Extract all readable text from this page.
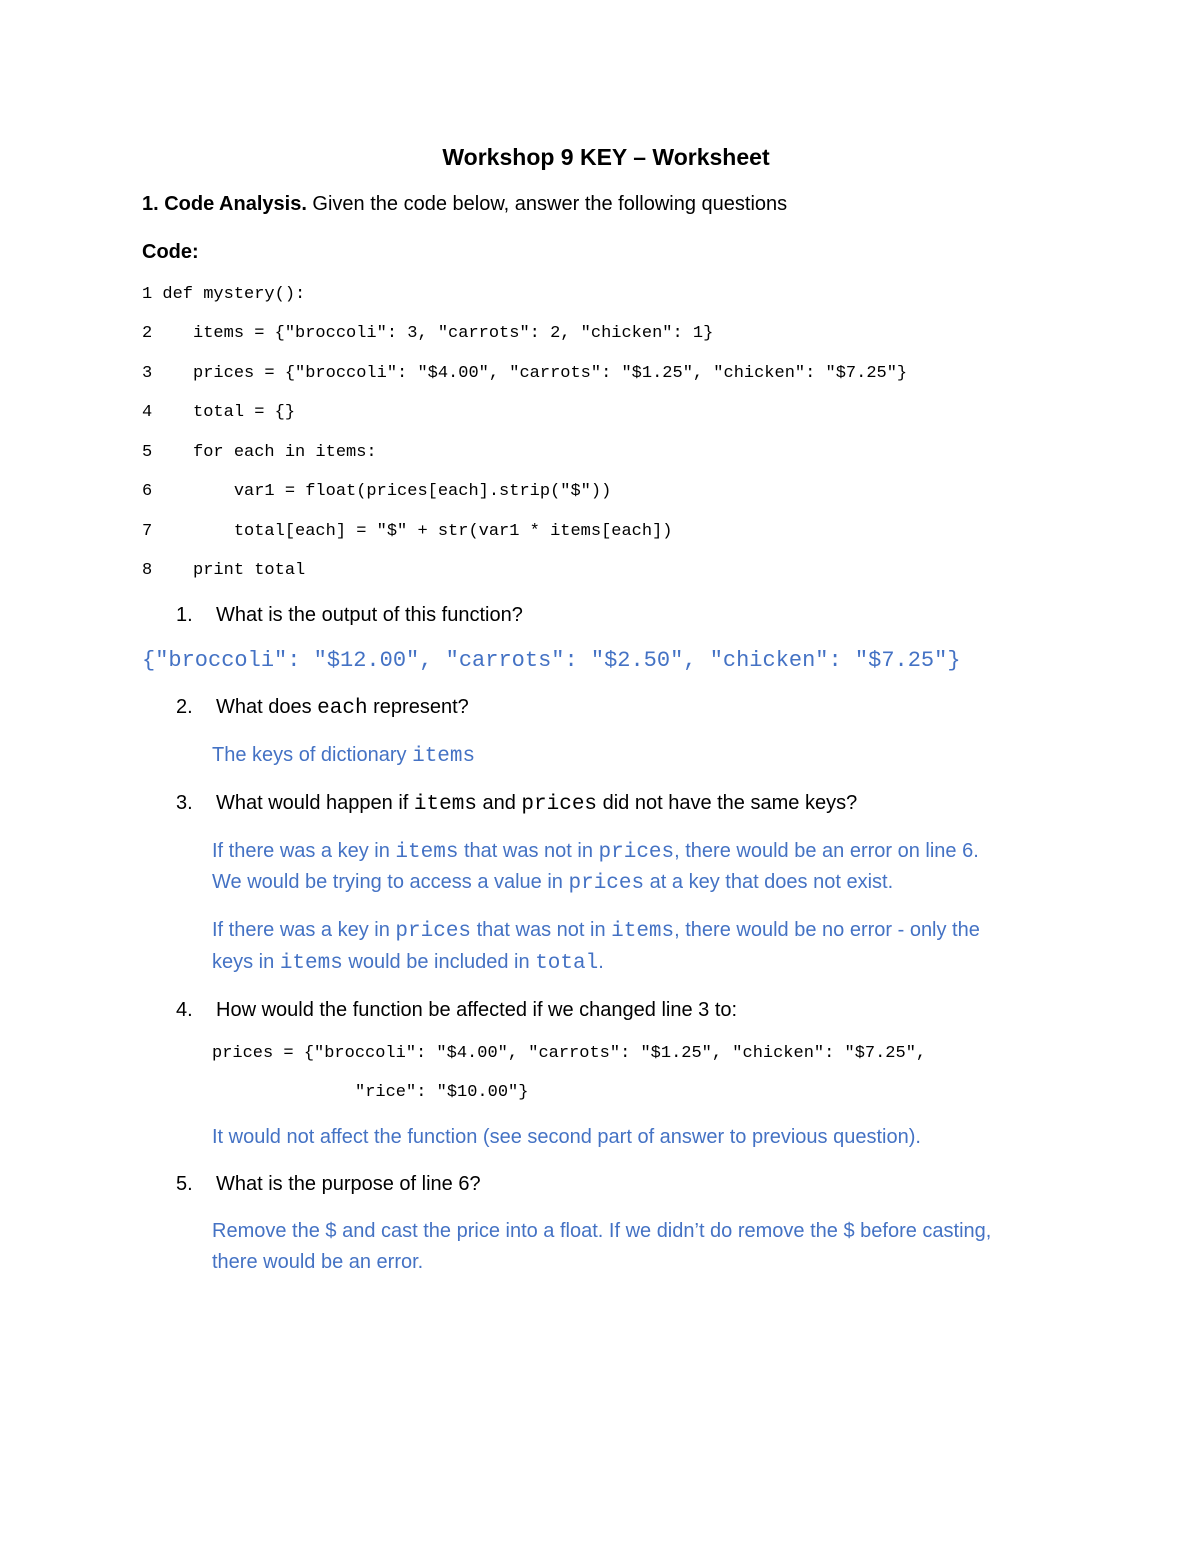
Workshop 9 KEY – Worksheet
1. Code Analysis. Given the code below, answer the following questions
Code:
1 def mystery():
2    items = {"broccoli": 3, "carrots": 2, "chicken": 1}
3    prices = {"broccoli": "$4.00", "carrots": "$1.25", "chicken": "$7.25"}
4    total = {}
5    for each in items:
6        var1 = float(prices[each].strip("$"))
7        total[each] = "$" + str(var1 * items[each])
8    print total
1. What is the output of this function?
{"broccoli": "$12.00", "carrots": "$2.50", "chicken": "$7.25"}
2. What does each represent?
The keys of dictionary items
3. What would happen if items and prices did not have the same keys?
If there was a key in items that was not in prices, there would be an error on line 6.
We would be trying to access a value in prices at a key that does not exist.
If there was a key in prices that was not in items, there would be no error - only the
keys in items would be included in total.
4. How would the function be affected if we changed line 3 to:
prices = {"broccoli": "$4.00", "carrots": "$1.25", "chicken": "$7.25",
"rice": "$10.00"}
It would not affect the function (see second part of answer to previous question).
5. What is the purpose of line 6?
Remove the $ and cast the price into a float. If we didn’t do remove the $ before casting,
there would be an error.
